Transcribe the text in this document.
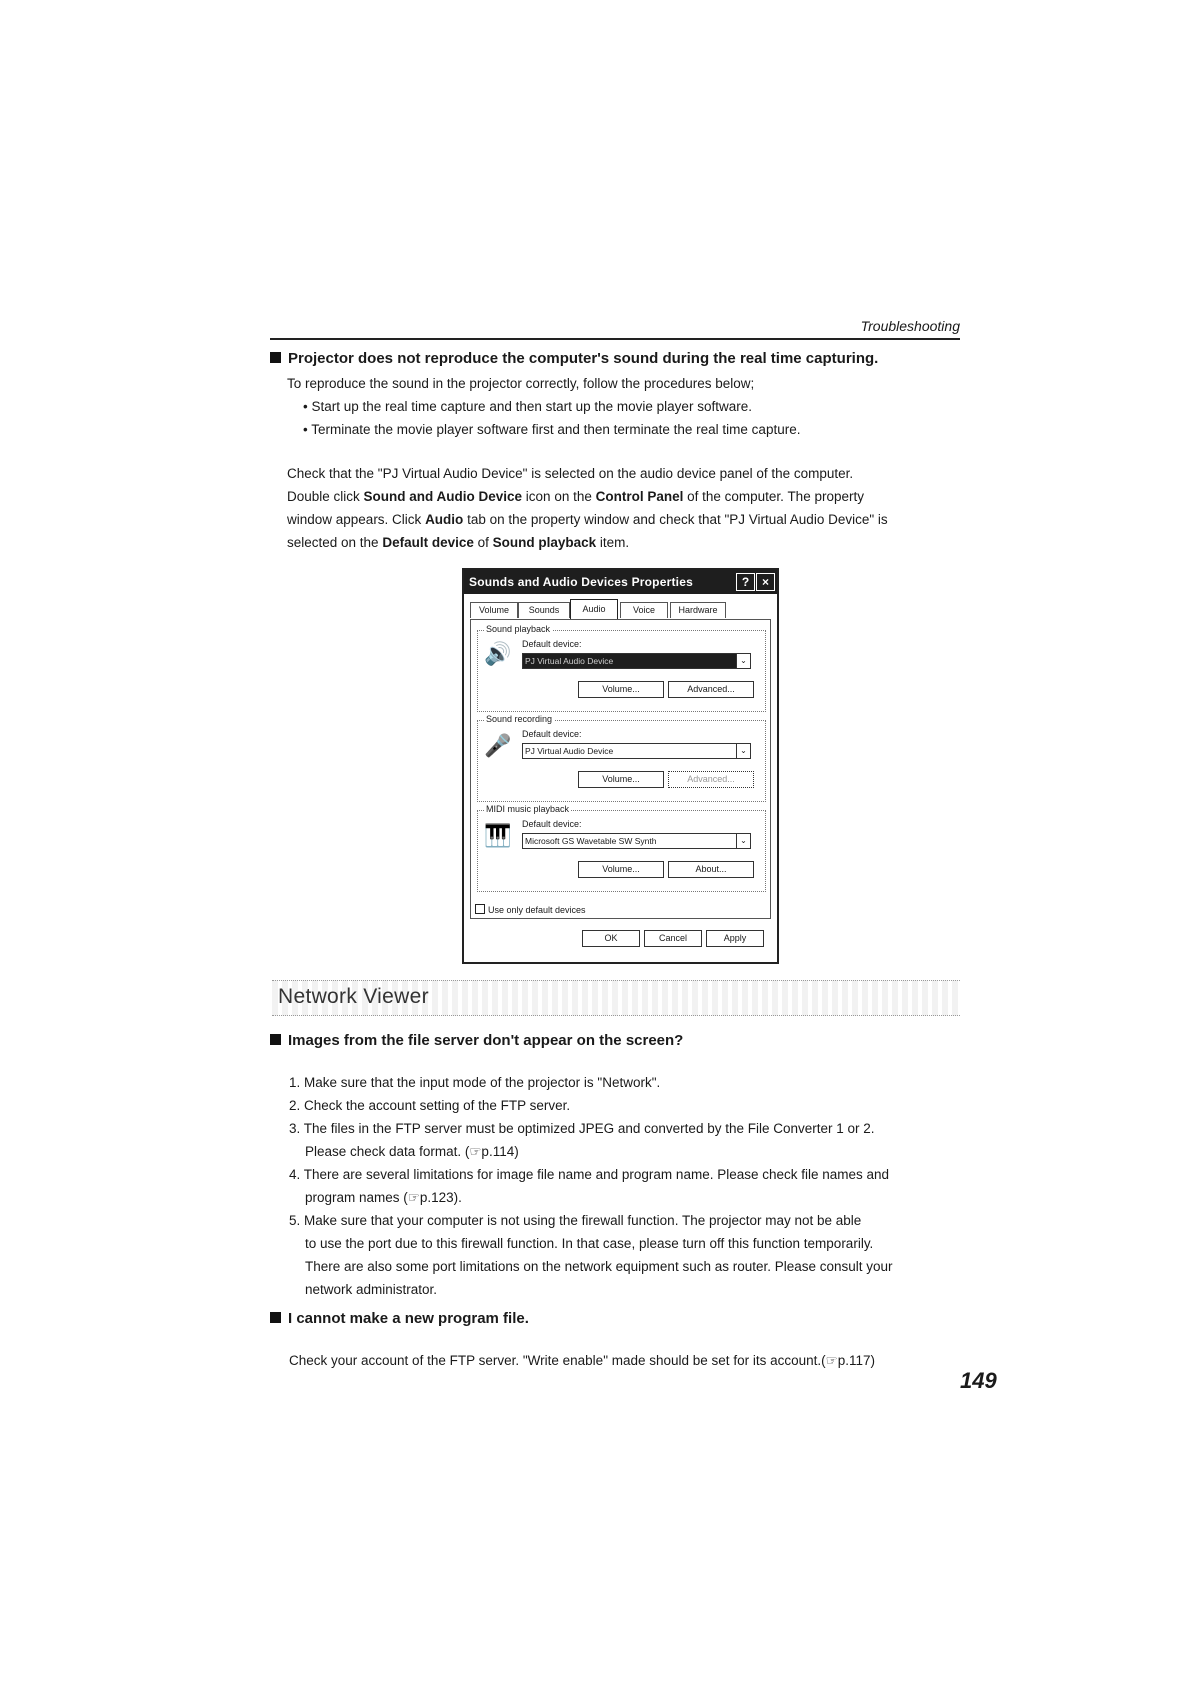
Troubleshooting
Projector does not reproduce the computer's sound during the real time capturing.
To reproduce the sound in the projector correctly, follow the procedures below;
• Start up the real time capture and then start up the movie player software.
• Terminate the movie player software first and then terminate the real time capture.
Check that the "PJ Virtual Audio Device" is selected on the audio device panel of the computer.
Double click Sound and Audio Device icon on the Control Panel of the computer. The property
window appears. Click Audio tab on the property window and check that "PJ Virtual Audio Device" is
selected on the Default device of Sound playback item.
Sounds and Audio Devices Properties	?	×
Volume	Sounds	Audio	Voice	Hardware
Sound playback
🔊 Default device:
PJ Virtual Audio Device	⌄
Volume...	Advanced...
Sound recording
🎤 Default device:
PJ Virtual Audio Device	⌄
Volume...	Advanced...
MIDI music playback
🎹 Default device:
Microsoft GS Wavetable SW Synth	⌄
Volume...	About...
Use only default devices
OK	Cancel	Apply
Network Viewer
Images from the file server don't appear on the screen?
1. Make sure that the input mode of the projector is "Network".
2. Check the account setting of the FTP server.
3. The files in the FTP server must be optimized JPEG and converted by the File Converter 1 or 2.
Please check data format. (☞p.114)
4. There are several limitations for image file name and program name. Please check file names and
program names (☞p.123).
5. Make sure that your computer is not using the firewall function. The projector may not be able
to use the port due to this firewall function. In that case, please turn off this function temporarily.
There are also some port limitations on the network equipment such as router. Please consult your
network administrator.
I cannot make a new program file.
Check your account of the FTP server. "Write enable" made should be set for its account.(☞p.117)
149
